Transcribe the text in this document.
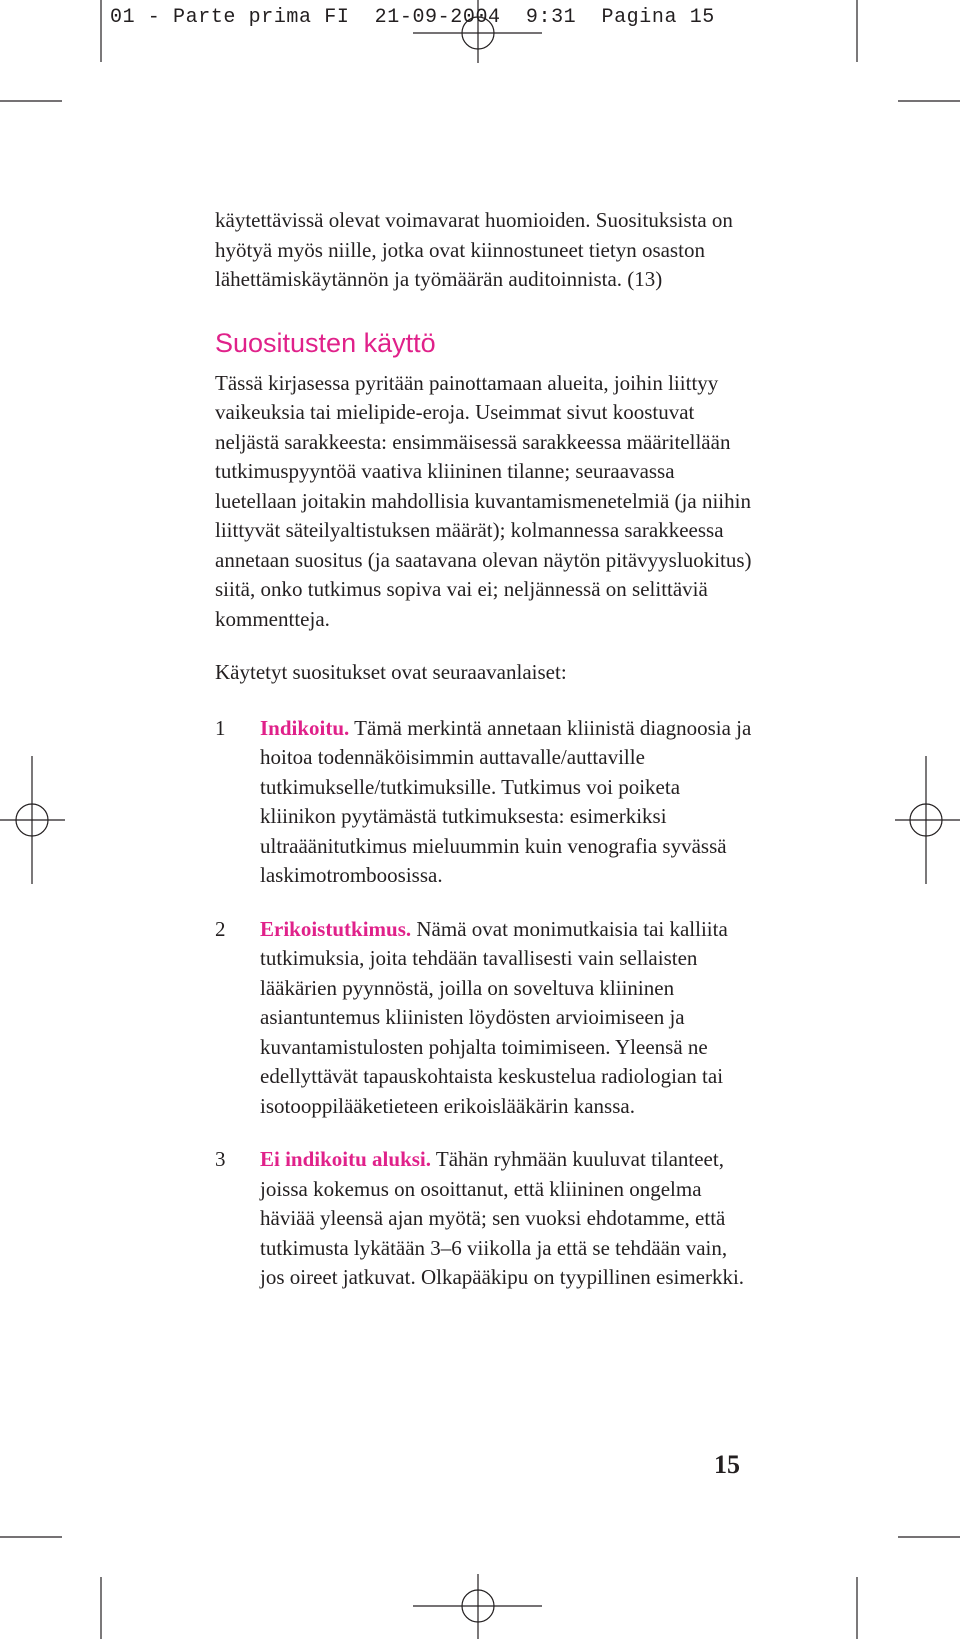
01 - Parte prima FI  21-09-2004  9:31  Pagina 15

käytettävissä olevat voimavarat huomioiden. Suosituksista on hyötyä myös niille, jotka ovat kiinnostuneet tietyn osaston lähettämiskäytännön ja työmäärän auditoinnista. (13)

Suositusten käyttö

Tässä kirjasessa pyritään painottamaan alueita, joihin liittyy vaikeuksia tai mielipide-eroja. Useimmat sivut koostuvat neljästä sarakkeesta: ensimmäisessä sarakkeessa määritellään tutkimuspyyntöä vaativa kliininen tilanne; seuraavassa luetellaan joitakin mahdollisia kuvantamismenetelmiä (ja niihin liittyvät säteilyaltistuksen määrät); kolmannessa sarakkeessa annetaan suositus (ja saatavana olevan näytön pitävyysluokitus) siitä, onko tutkimus sopiva vai ei; neljännessä on selittäviä kommentteja.

Käytetyt suositukset ovat seuraavanlaiset:

1 Indikoitu. Tämä merkintä annetaan kliinistä diagnoosia ja hoitoa todennäköisimmin auttavalle/auttaville tutkimukselle/tutkimuksille. Tutkimus voi poiketa kliinikon pyytämästä tutkimuksesta: esimerkiksi ultraäänitutkimus mieluummin kuin venografia syvässä laskimotromboosissa.
2 Erikoistutkimus. Nämä ovat monimutkaisia tai kalliita tutkimuksia, joita tehdään tavallisesti vain sellaisten lääkärien pyynnöstä, joilla on soveltuva kliininen asiantuntemus kliinisten löydösten arvioimiseen ja kuvantamistulosten pohjalta toimimiseen. Yleensä ne edellyttävät tapauskohtaista keskustelua radiologian tai isotooppilääketieteen erikoislääkärin kanssa.
3 Ei indikoitu aluksi. Tähän ryhmään kuuluvat tilanteet, joissa kokemus on osoittanut, että kliininen ongelma häviää yleensä ajan myötä; sen vuoksi ehdotamme, että tutkimusta lykätään 3–6 viikolla ja että se tehdään vain, jos oireet jatkuvat. Olkapääkipu on tyypillinen esimerkki.
15
